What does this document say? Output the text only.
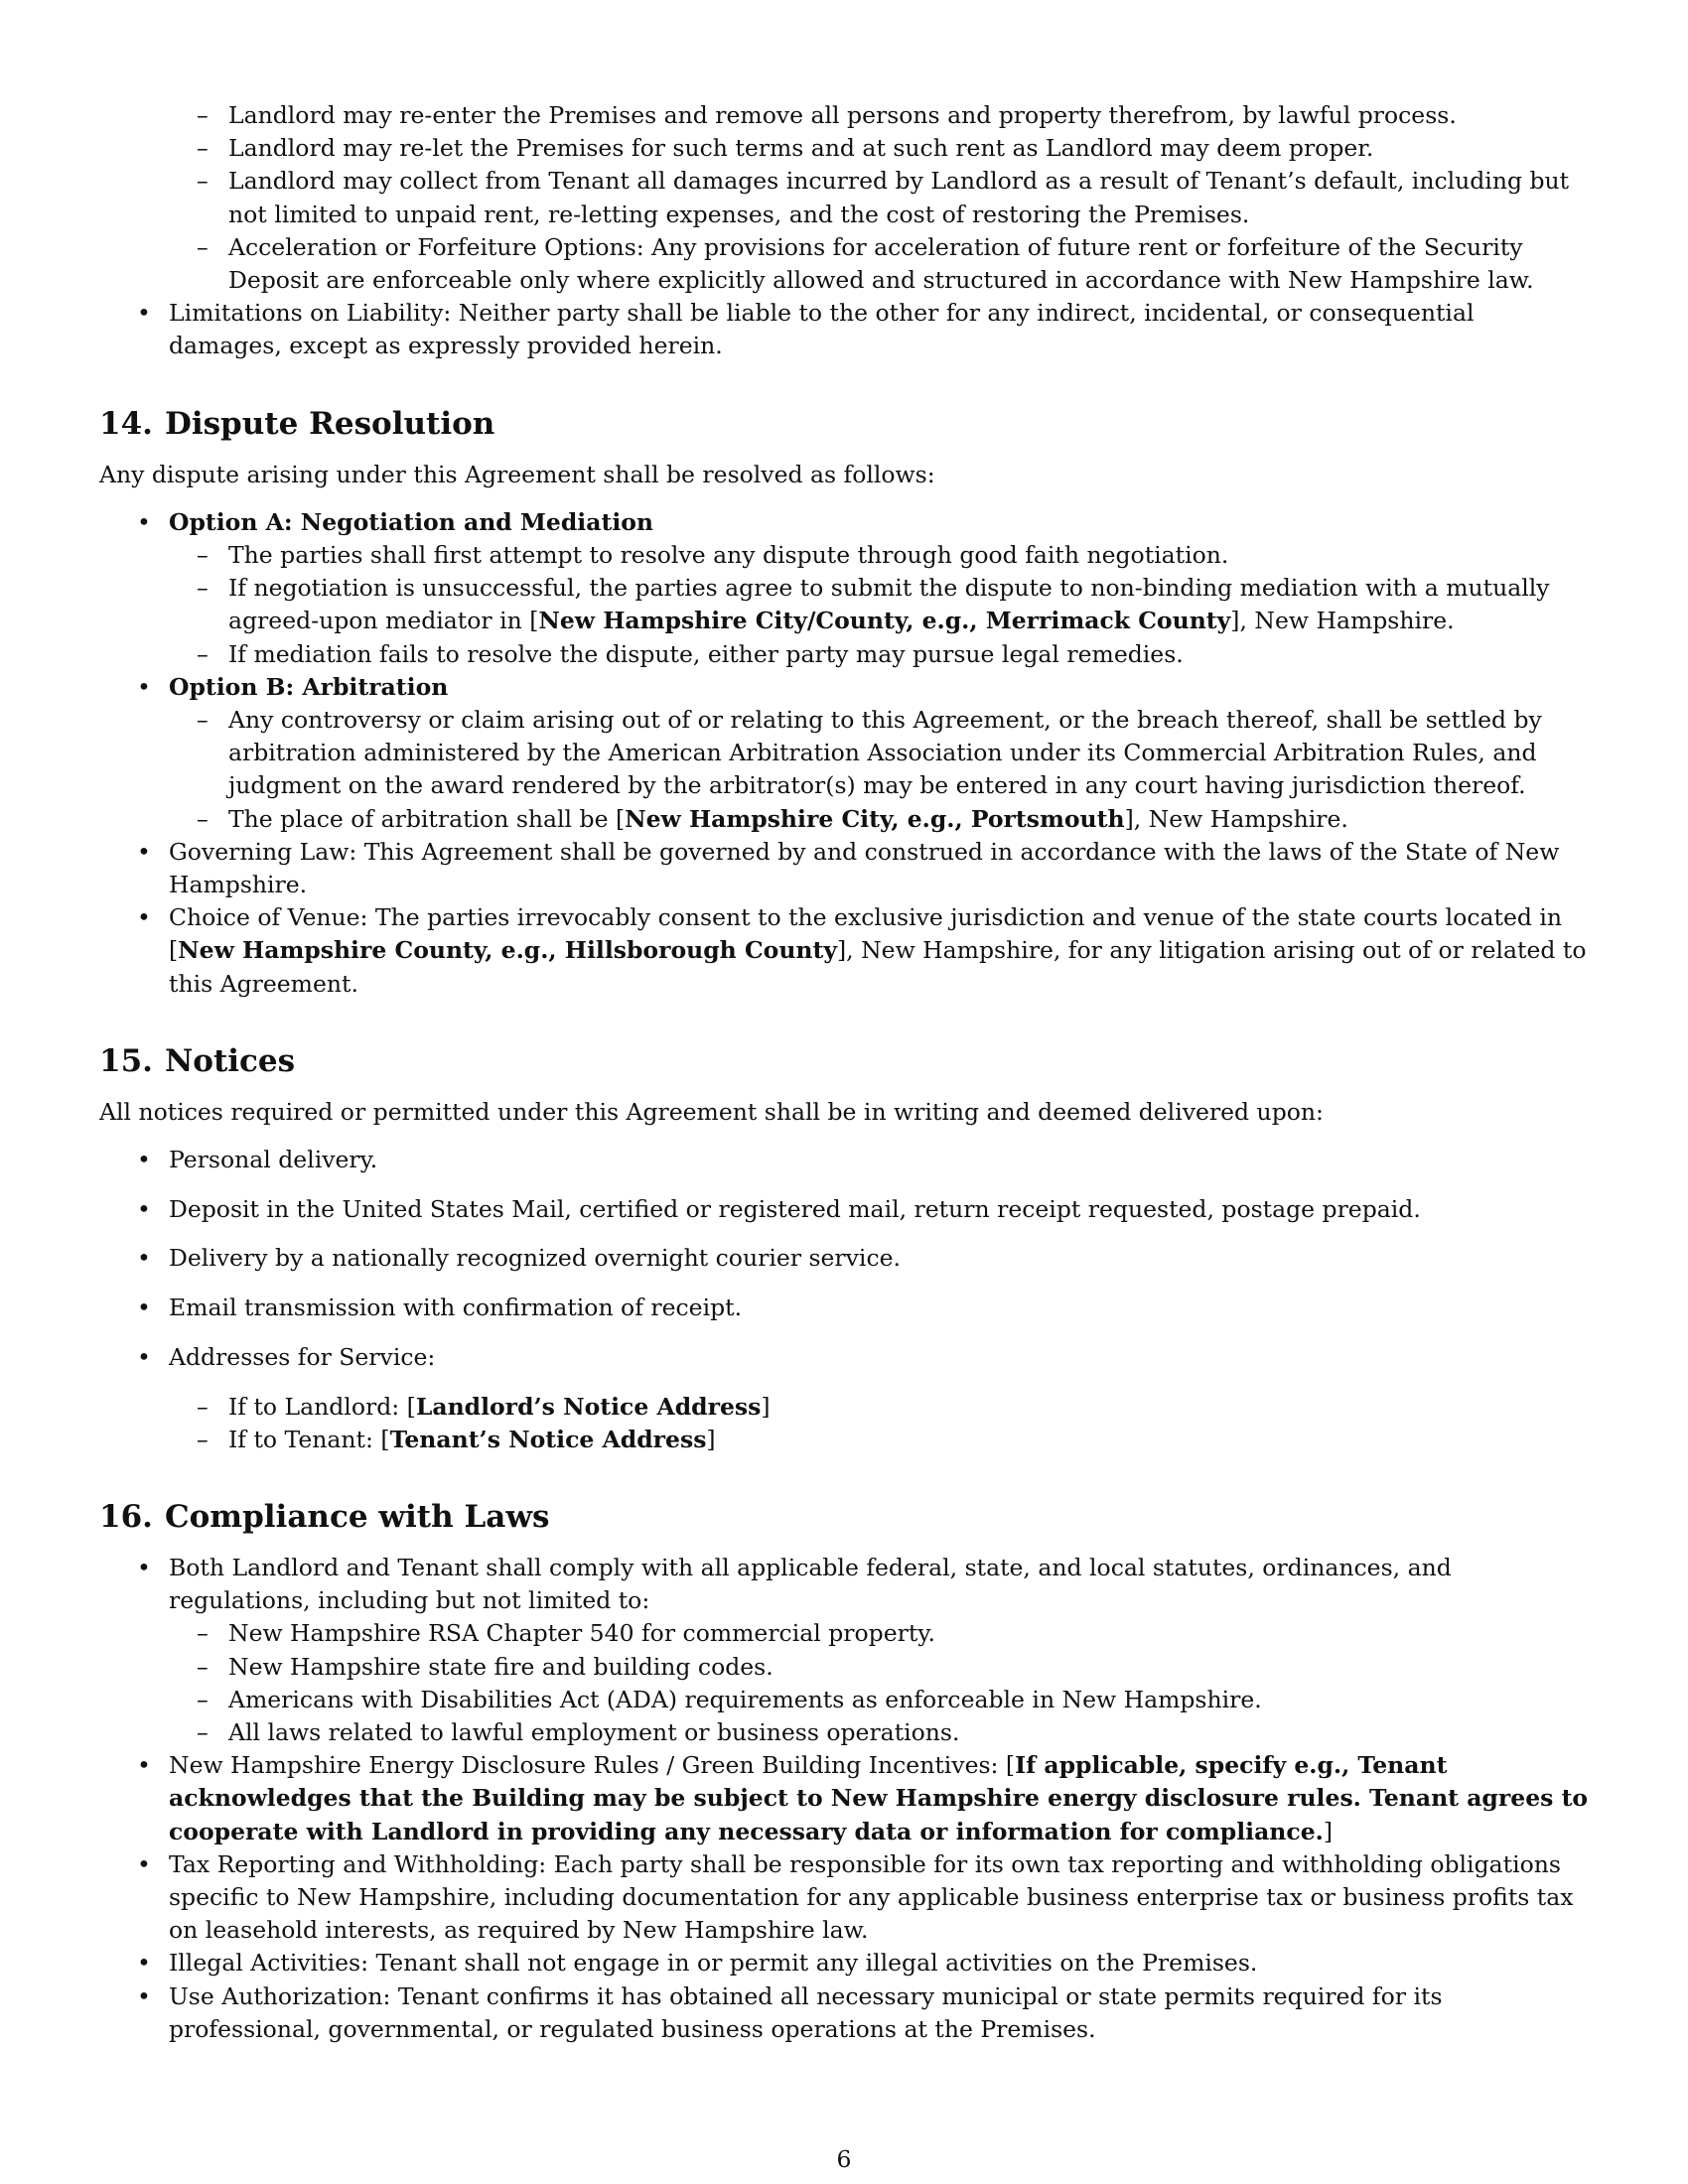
– Landlord may re-enter the Premises and remove all persons and property therefrom, by lawful process.
– Landlord may re-let the Premises for such terms and at such rent as Landlord may deem proper.
– Landlord may collect from Tenant all damages incurred by Landlord as a result of Tenant’s default, including but not limited to unpaid rent, re-letting expenses, and the cost of restoring the Premises.
– Acceleration or Forfeiture Options: Any provisions for acceleration of future rent or forfeiture of the Security Deposit are enforceable only where explicitly allowed and structured in accordance with New Hampshire law.
• Limitations on Liability: Neither party shall be liable to the other for any indirect, incidental, or consequential damages, except as expressly provided herein.
14. Dispute Resolution

Any dispute arising under this Agreement shall be resolved as follows:

• Option A: Negotiation and Mediation
– The parties shall first attempt to resolve any dispute through good faith negotiation.
– If negotiation is unsuccessful, the parties agree to submit the dispute to non-binding mediation with a mutually agreed-upon mediator in [New Hampshire City/County, e.g., Merrimack County], New Hampshire.
– If mediation fails to resolve the dispute, either party may pursue legal remedies.
• Option B: Arbitration
– Any controversy or claim arising out of or relating to this Agreement, or the breach thereof, shall be settled by arbitration administered by the American Arbitration Association under its Commercial Arbitration Rules, and judgment on the award rendered by the arbitrator(s) may be entered in any court having jurisdiction thereof.
– The place of arbitration shall be [New Hampshire City, e.g., Portsmouth], New Hampshire.
• Governing Law: This Agreement shall be governed by and construed in accordance with the laws of the State of New Hampshire.
• Choice of Venue: The parties irrevocably consent to the exclusive jurisdiction and venue of the state courts located in [New Hampshire County, e.g., Hillsborough County], New Hampshire, for any litigation arising out of or related to this Agreement.
15. Notices

All notices required or permitted under this Agreement shall be in writing and deemed delivered upon:

• Personal delivery.
• Deposit in the United States Mail, certified or registered mail, return receipt requested, postage prepaid.
• Delivery by a nationally recognized overnight courier service.
• Email transmission with confirmation of receipt.
• Addresses for Service:
– If to Landlord: [Landlord’s Notice Address]
– If to Tenant: [Tenant’s Notice Address]
16. Compliance with Laws
• Both Landlord and Tenant shall comply with all applicable federal, state, and local statutes, ordinances, and regulations, including but not limited to:
– New Hampshire RSA Chapter 540 for commercial property.
– New Hampshire state fire and building codes.
– Americans with Disabilities Act (ADA) requirements as enforceable in New Hampshire.
– All laws related to lawful employment or business operations.
• New Hampshire Energy Disclosure Rules / Green Building Incentives: [If applicable, specify e.g., Tenant acknowledges that the Building may be subject to New Hampshire energy disclosure rules. Tenant agrees to cooperate with Landlord in providing any necessary data or information for compliance.]
• Tax Reporting and Withholding: Each party shall be responsible for its own tax reporting and withholding obligations specific to New Hampshire, including documentation for any applicable business enterprise tax or business profits tax on leasehold interests, as required by New Hampshire law.
• Illegal Activities: Tenant shall not engage in or permit any illegal activities on the Premises.
• Use Authorization: Tenant confirms it has obtained all necessary municipal or state permits required for its professional, governmental, or regulated business operations at the Premises.
6
